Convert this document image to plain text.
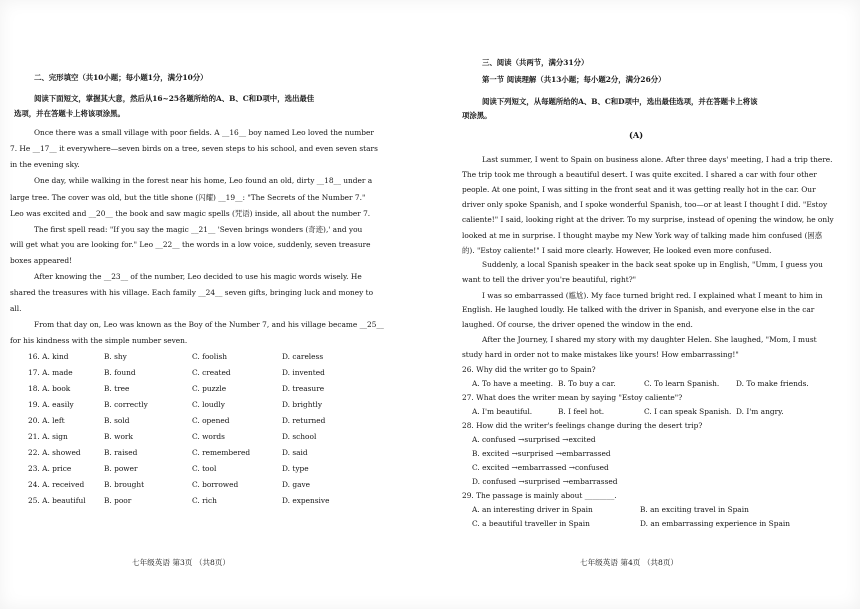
二、完形填空（共10小题；每小题1分，满分10分）
阅读下面短文，掌握其大意，然后从16~25各题所给的A、B、C和D项中，选出最佳
选项，并在答题卡上将该项涂黑。
Once there was a small village with poor fields. A __16__ boy named Leo loved the number
7. He __17__ it everywhere—seven birds on a tree, seven steps to his school, and even seven stars
in the evening sky.
One day, while walking in the forest near his home, Leo found an old, dirty __18__ under a
large tree. The cover was old, but the title shone (闪耀) __19__: "The Secrets of the Number 7."
Leo was excited and __20__ the book and saw magic spells (咒语) inside, all about the number 7.
The first spell read: "If you say the magic __21__ 'Seven brings wonders (奇迹),' and you
will get what you are looking for." Leo __22__ the words in a low voice, suddenly, seven treasure
boxes appeared!
After knowing the __23__ of the number, Leo decided to use his magic words wisely. He
shared the treasures with his village. Each family __24__ seven gifts, bringing luck and money to
all.
From that day on, Leo was known as the Boy of the Number 7, and his village became __25__
for his kindness with the simple number seven.
16. A. kind	B. shy	C. foolish	D. careless
17. A. made	B. found	C. created	D. invented
18. A. book	B. tree	C. puzzle	D. treasure
19. A. easily	B. correctly	C. loudly	D. brightly
20. A. left	B. sold	C. opened	D. returned
21. A. sign	B. work	C. words	D. school
22. A. showed	B. raised	C. remembered	D. said
23. A. price	B. power	C. tool	D. type
24. A. received	B. brought	C. borrowed	D. gave
25. A. beautiful B. poor	C. rich	D. expensive
七年级英语 第3页 （共8页）
三、阅读（共两节，满分31分）
第一节 阅读理解（共13小题；每小题2分，满分26分）
阅读下列短文，从每题所给的A、B、C和D项中，选出最佳选项，并在答题卡上将该
项涂黑。
(A)
Last summer, I went to Spain on business alone. After three days' meeting, I had a trip there.
The trip took me through a beautiful desert. I was quite excited. I shared a car with four other
people. At one point, I was sitting in the front seat and it was getting really hot in the car. Our
driver only spoke Spanish, and I spoke wonderful Spanish, too—or at least I thought I did. "Estoy
caliente!" I said, looking right at the driver. To my surprise, instead of opening the window, he only
looked at me in surprise. I thought maybe my New York way of talking made him confused (困惑
的). "Estoy caliente!" I said more clearly. However, He looked even more confused.
Suddenly, a local Spanish speaker in the back seat spoke up in English, "Umm, I guess you
want to tell the driver you're beautiful, right?"
I was so embarrassed (尴尬). My face turned bright red. I explained what I meant to him in
English. He laughed loudly. He talked with the driver in Spanish, and everyone else in the car
laughed. Of course, the driver opened the window in the end.
After the Journey, I shared my story with my daughter Helen. She laughed, "Mom, I must
study hard in order not to make mistakes like yours! How embarrassing!"
26. Why did the writer go to Spain?
A. To have a meeting. B. To buy a car.	C. To learn Spanish. D. To make friends.
27. What does the writer mean by saying "Estoy caliente"?
A. I'm beautiful.	B. I feel hot.	C. I can speak Spanish. D. I'm angry.
28. How did the writer's feelings change during the desert trip?
A. confused →surprised →excited
B. excited →surprised →embarrassed
C. excited →embarrassed →confused
D. confused →surprised →embarrassed
29. The passage is mainly about ________.
A. an interesting driver in Spain	B. an exciting travel in Spain
C. a beautiful traveller in Spain	D. an embarrassing experience in Spain
七年级英语 第4页 （共8页）
